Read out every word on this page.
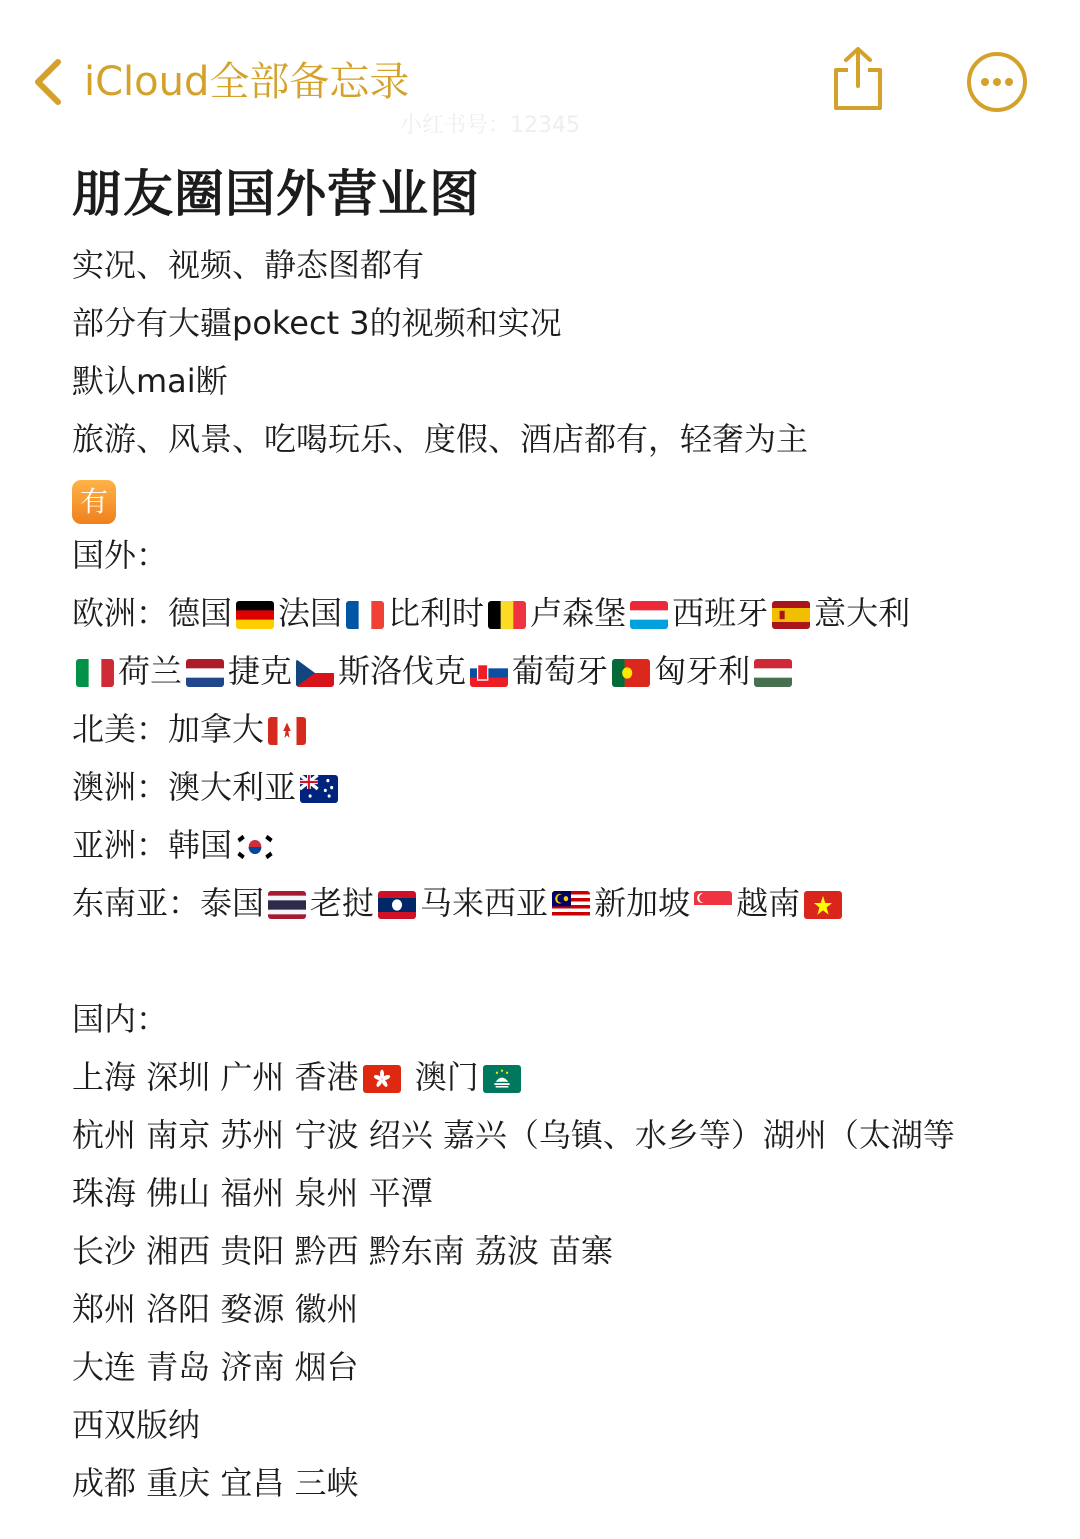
iCloud全部备忘录
小红书号：12345
朋友圈国外营业图
实况、视频、静态图都有
部分有大疆pokect 3的视频和实况
默认mai断
旅游、风景、吃喝玩乐、度假、酒店都有，轻奢为主
有
国外：
欧洲：德国 法国 比利时 卢森堡 西班牙 意大利
荷兰 捷克 斯洛伐克 葡萄牙 匈牙利
北美：加拿大
澳洲：澳大利亚
亚洲：韩国
东南亚：泰国 老挝 马来西亚 新加坡 越南
国内：
上海 深圳 广州 香港 澳门
杭州 南京 苏州 宁波 绍兴 嘉兴（乌镇、水乡等）湖州（太湖等
珠海 佛山 福州 泉州 平潭
长沙 湘西 贵阳 黔西 黔东南 荔波 苗寨
郑州 洛阳 婺源 徽州
大连 青岛 济南 烟台
西双版纳
成都 重庆 宜昌 三峡
